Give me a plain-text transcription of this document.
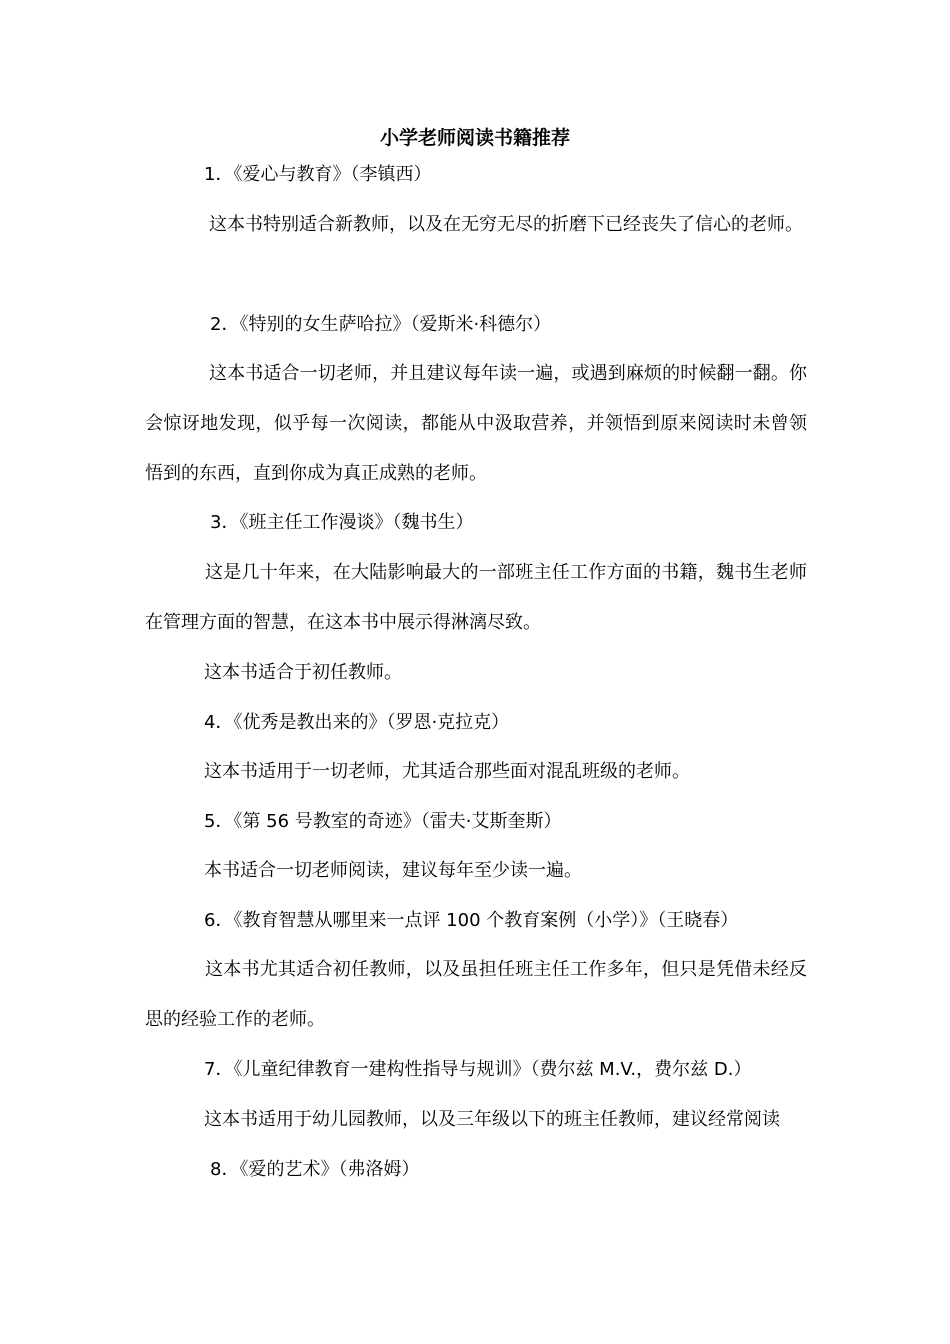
小学老师阅读书籍推荐
1．《爱心与教育》（李镇西）
这本书特别适合新教师，以及在无穷无尽的折磨下已经丧失了信心的老师。
2．《特别的女生萨哈拉》（爱斯米·科德尔）
这本书适合一切老师，并且建议每年读一遍，或遇到麻烦的时候翻一翻。你会惊讶地发现，似乎每一次阅读，都能从中汲取营养，并领悟到原来阅读时未曾领悟到的东西，直到你成为真正成熟的老师。
3．《班主任工作漫谈》（魏书生）
这是几十年来，在大陆影响最大的一部班主任工作方面的书籍，魏书生老师在管理方面的智慧，在这本书中展示得淋漓尽致。
这本书适合于初任教师。
4．《优秀是教出来的》（罗恩·克拉克）
这本书适用于一切老师，尤其适合那些面对混乱班级的老师。
5．《第 56 号教室的奇迹》（雷夫·艾斯奎斯）
本书适合一切老师阅读，建议每年至少读一遍。
6．《教育智慧从哪里来一点评 100 个教育案例（小学）》（王晓春）
这本书尤其适合初任教师，以及虽担任班主任工作多年，但只是凭借未经反思的经验工作的老师。
7．《儿童纪律教育一建构性指导与规训》（费尔兹 M.V.，费尔兹 D.）
这本书适用于幼儿园教师，以及三年级以下的班主任教师，建议经常阅读
8．《爱的艺术》（弗洛姆）
